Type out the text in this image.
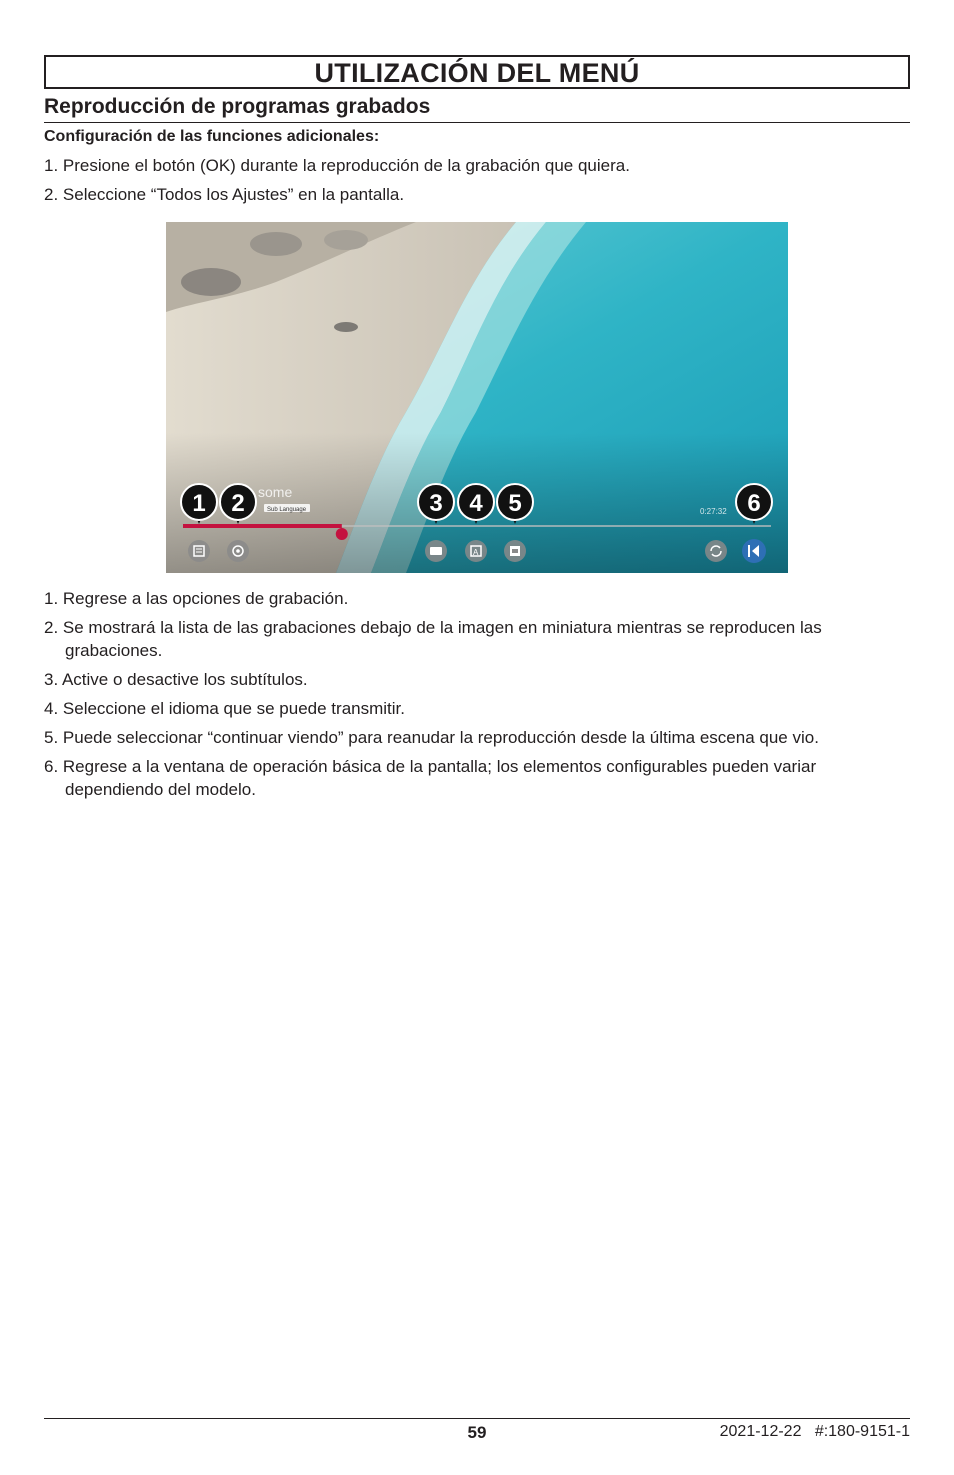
UTILIZACIÓN DEL MENÚ
Reproducción de programas grabados
Configuración de las funciones adicionales:
1. Presione el botón (OK) durante la reproducción de la grabación que quiera.
2. Seleccione “Todos los Ajustes” en la pantalla.
some
Sub Language	0:27:32
A
1 2	3 4 5	6
1. Regrese a las opciones de grabación.
2. Se mostrará la lista de las grabaciones debajo de la imagen en miniatura mientras se reproducen las grabaciones.
3. Active o desactive los subtítulos.
4. Seleccione el idioma que se puede transmitir.
5. Puede seleccionar “continuar viendo” para reanudar la reproducción desde la última escena que vio.
6. Regrese a la ventana de operación básica de la pantalla; los elementos configurables pueden variar dependiendo del modelo.
59	2021-12-22 #:180-9151-1
